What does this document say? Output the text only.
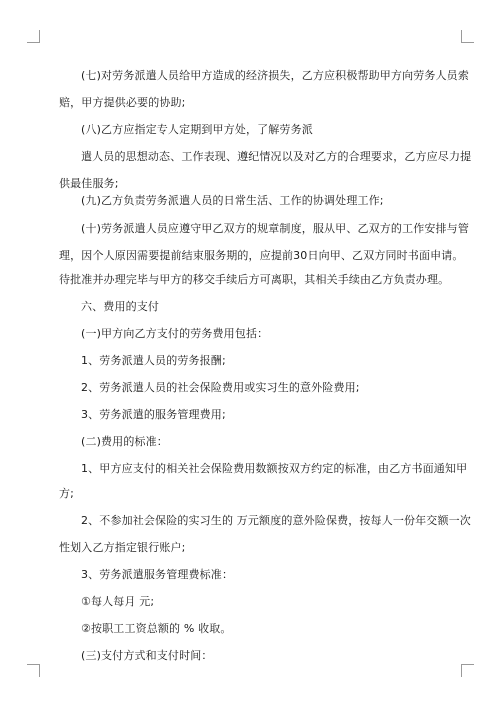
(七)对劳务派遣人员给甲方造成的经济损失，乙方应积极帮助甲方向劳务人员索

赔，甲方提供必要的协助;

(八)乙方应指定专人定期到甲方处，了解劳务派

遣人员的思想动态、工作表现、遵纪情况以及对乙方的合理要求，乙方应尽力提

供最佳服务;

(九)乙方负责劳务派遣人员的日常生活、工作的协调处理工作;

(十)劳务派遣人员应遵守甲乙双方的规章制度，服从甲、乙双方的工作安排与管

理，因个人原因需要提前结束服务期的，应提前30日向甲、乙双方同时书面申请。

待批准并办理完毕与甲方的移交手续后方可离职，其相关手续由乙方负责办理。

六、费用的支付

(一)甲方向乙方支付的劳务费用包括：

1、劳务派遣人员的劳务报酬;

2、劳务派遣人员的社会保险费用或实习生的意外险费用;

3、劳务派遣的服务管理费用;

(二)费用的标准：

1、甲方应支付的相关社会保险费用数额按双方约定的标准，由乙方书面通知甲

方;

2、不参加社会保险的实习生的 万元额度的意外险保费，按每人一份年交额一次

性划入乙方指定银行账户;

3、劳务派遣服务管理费标准：

①每人每月 元;

②按职工工资总额的 % 收取。

(三)支付方式和支付时间：
